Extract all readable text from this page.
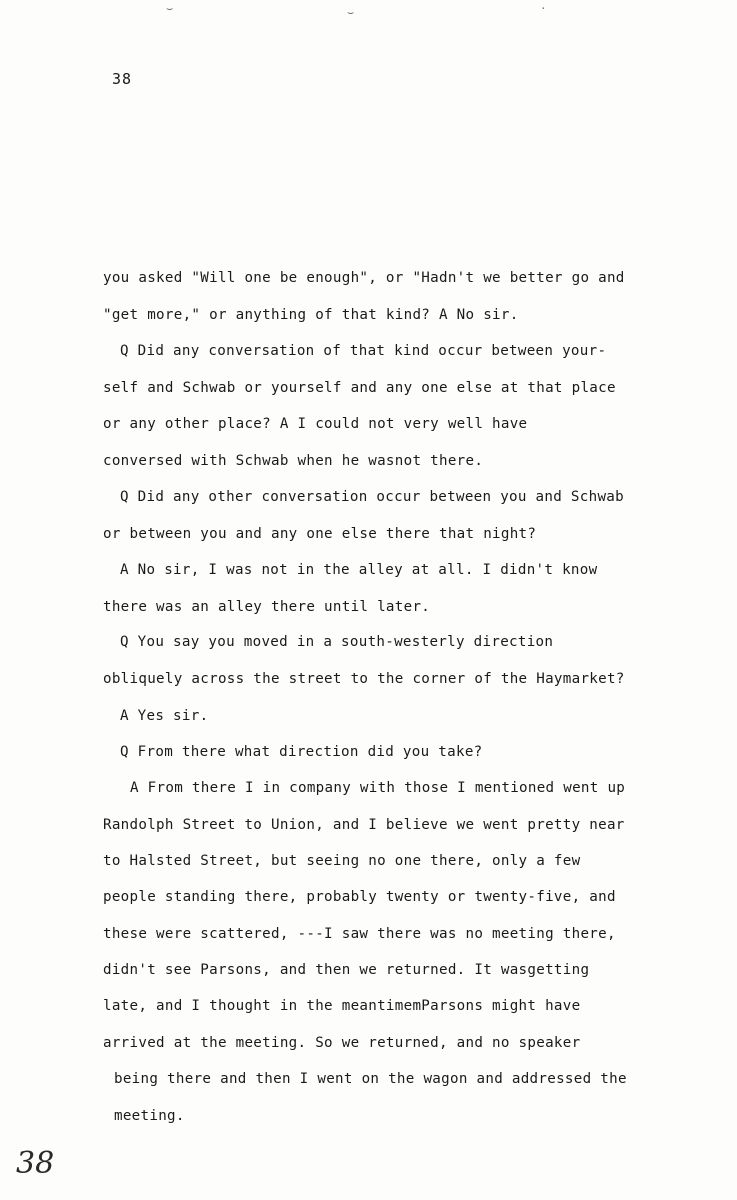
⌣	⌣	·
38
you asked "Will one be enough", or "Hadn't we better go and
"get more," or anything of that kind? A No sir.
Q Did any conversation of that kind occur between your-
self and Schwab or yourself and any one else at that place
or any other place? A I could not very well have
conversed with Schwab when he wasnot there.
Q Did any other conversation occur between you and Schwab
or between you and any one else there that night?
A No sir, I was not in the alley at all. I didn't know
there was an alley there until later.
Q You say you moved in a south-westerly direction
obliquely across the street to the corner of the Haymarket?
A Yes sir.
Q From there what direction did you take?
A From there I in company with those I mentioned went up
Randolph Street to Union, and I believe we went pretty near
to Halsted Street, but seeing no one there, only a few
people standing there, probably twenty or twenty-five, and
these were scattered, ---I saw there was no meeting there,
didn't see Parsons, and then we returned. It wasgetting
late, and I thought in the meantimemParsons might have
arrived at the meeting. So we returned, and no speaker
being there and then I went on the wagon and addressed the
meeting.
38
